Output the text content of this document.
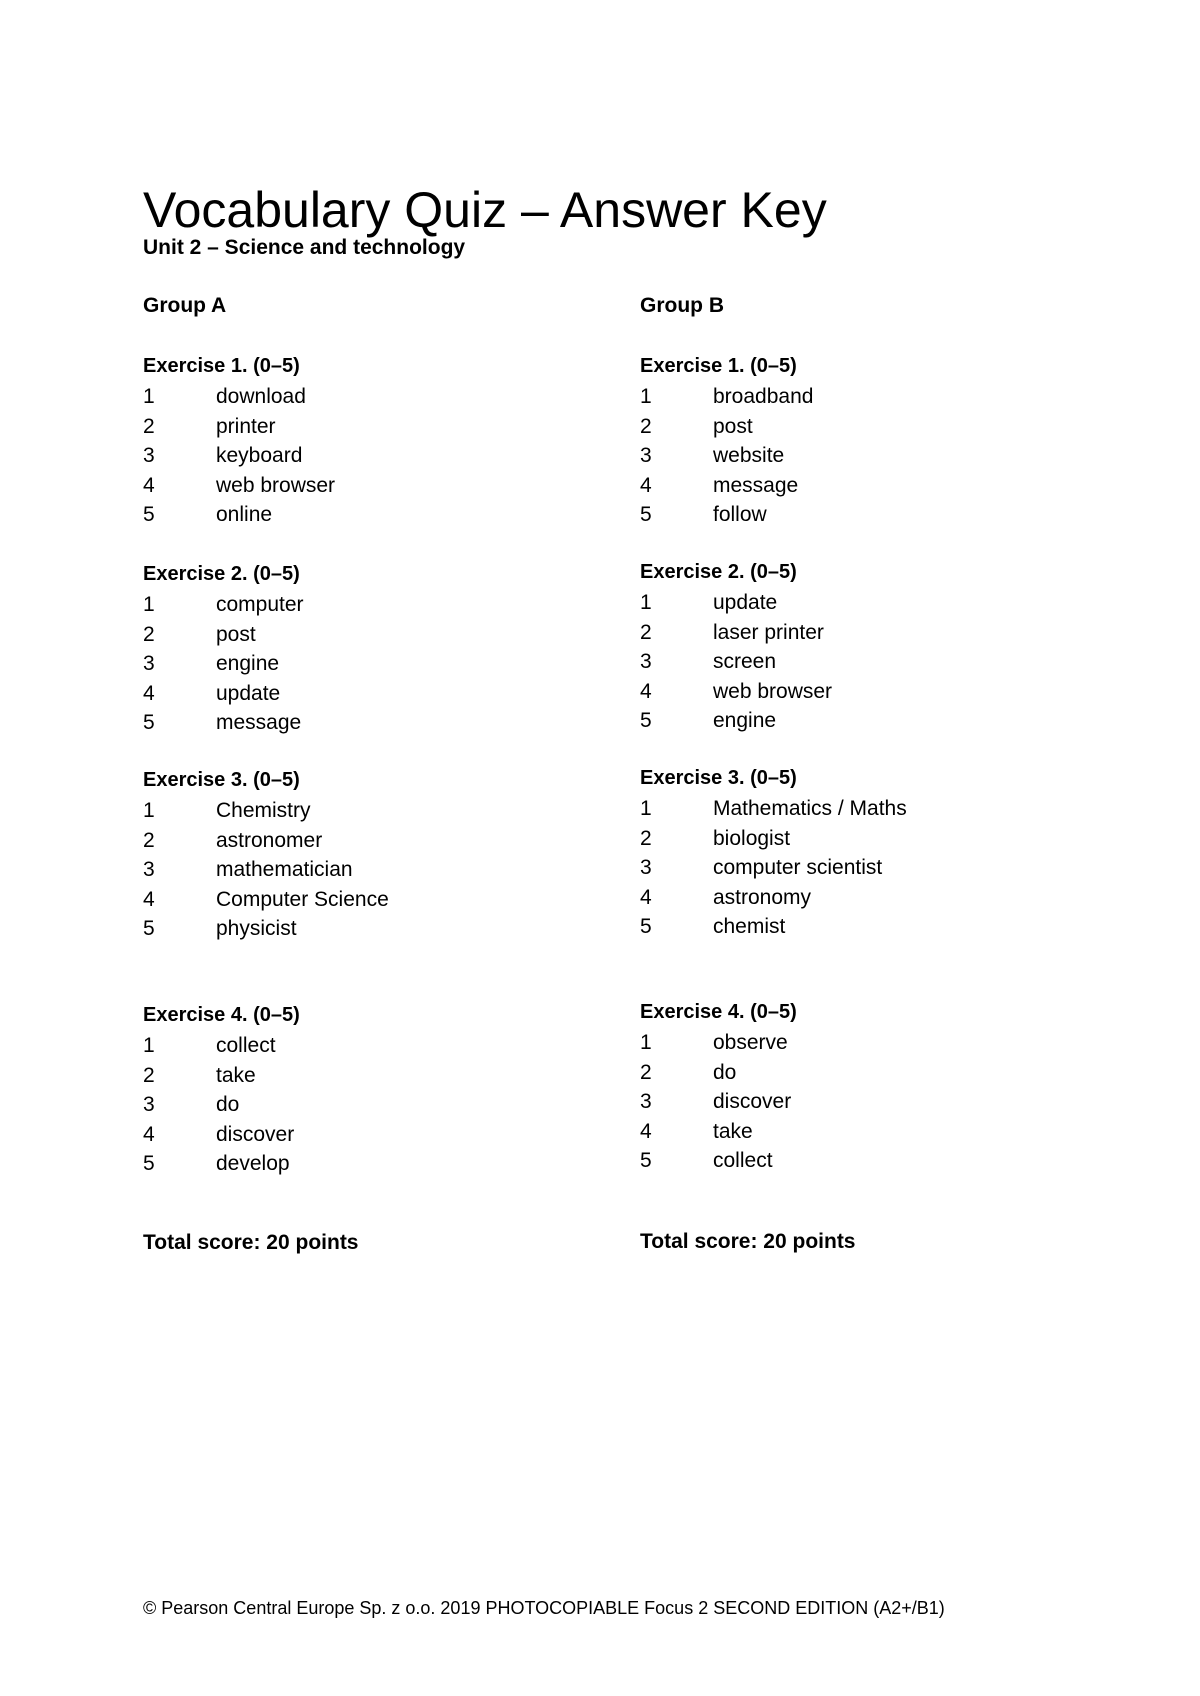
Vocabulary Quiz – Answer Key
Unit 2 – Science and technology
Group A
Exercise 1. (0–5)
1	download
2	printer
3	keyboard
4	web browser
5	online
Exercise 2. (0–5)
1	computer
2	post
3	engine
4	update
5	message
Exercise 3. (0–5)
1	Chemistry
2	astronomer
3	mathematician
4	Computer Science
5	physicist
Exercise 4. (0–5)
1	collect
2	take
3	do
4	discover
5	develop
Total score: 20 points
Group B
Exercise 1. (0–5)
1	broadband
2	post
3	website
4	message
5	follow
Exercise 2. (0–5)
1	update
2	laser printer
3	screen
4	web browser
5	engine
Exercise 3. (0–5)
1	Mathematics / Maths
2	biologist
3	computer scientist
4	astronomy
5	chemist
Exercise 4. (0–5)
1	observe
2	do
3	discover
4	take
5	collect
Total score: 20 points
© Pearson Central Europe Sp. z o.o. 2019 PHOTOCOPIABLE Focus 2 SECOND EDITION (A2+/B1)
